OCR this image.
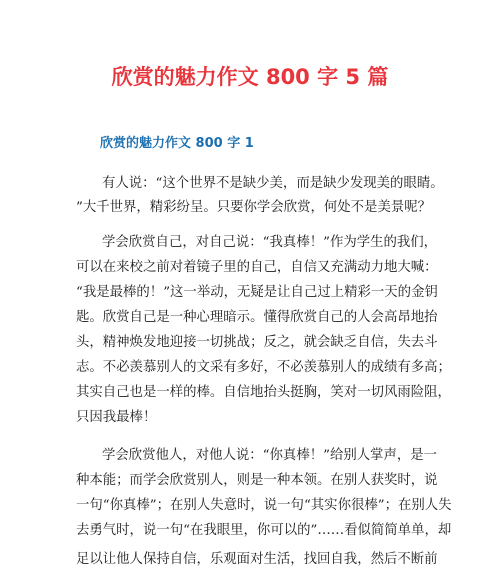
欣赏的魅力作文 800 字 5 篇
欣赏的魅力作文 800 字 1
有人说：“这个世界不是缺少美，而是缺少发现美的眼睛。
”大千世界，精彩纷呈。只要你学会欣赏，何处不是美景呢？
学会欣赏自己，对自己说：“我真棒！”作为学生的我们，
可以在来校之前对着镜子里的自己，自信又充满动力地大喊：
“我是最棒的！”这一举动，无疑是让自己过上精彩一天的金钥
匙。欣赏自己是一种心理暗示。懂得欣赏自己的人会高昂地抬
头，精神焕发地迎接一切挑战；反之，就会缺乏自信，失去斗
志。不必羡慕别人的文采有多好，不必羡慕别人的成绩有多高；
其实自己也是一样的棒。自信地抬头挺胸，笑对一切风雨险阻，
只因我最棒！
学会欣赏他人，对他人说：“你真棒！”给别人掌声，是一
种本能；而学会欣赏别人，则是一种本领。在别人获奖时，说
一句“你真棒”；在别人失意时，说一句“其实你很棒”；在别人失
去勇气时，说一句“在我眼里，你可以的”……看似简简单单，却
足以让他人保持自信，乐观面对生活，找回自我，然后不断前
